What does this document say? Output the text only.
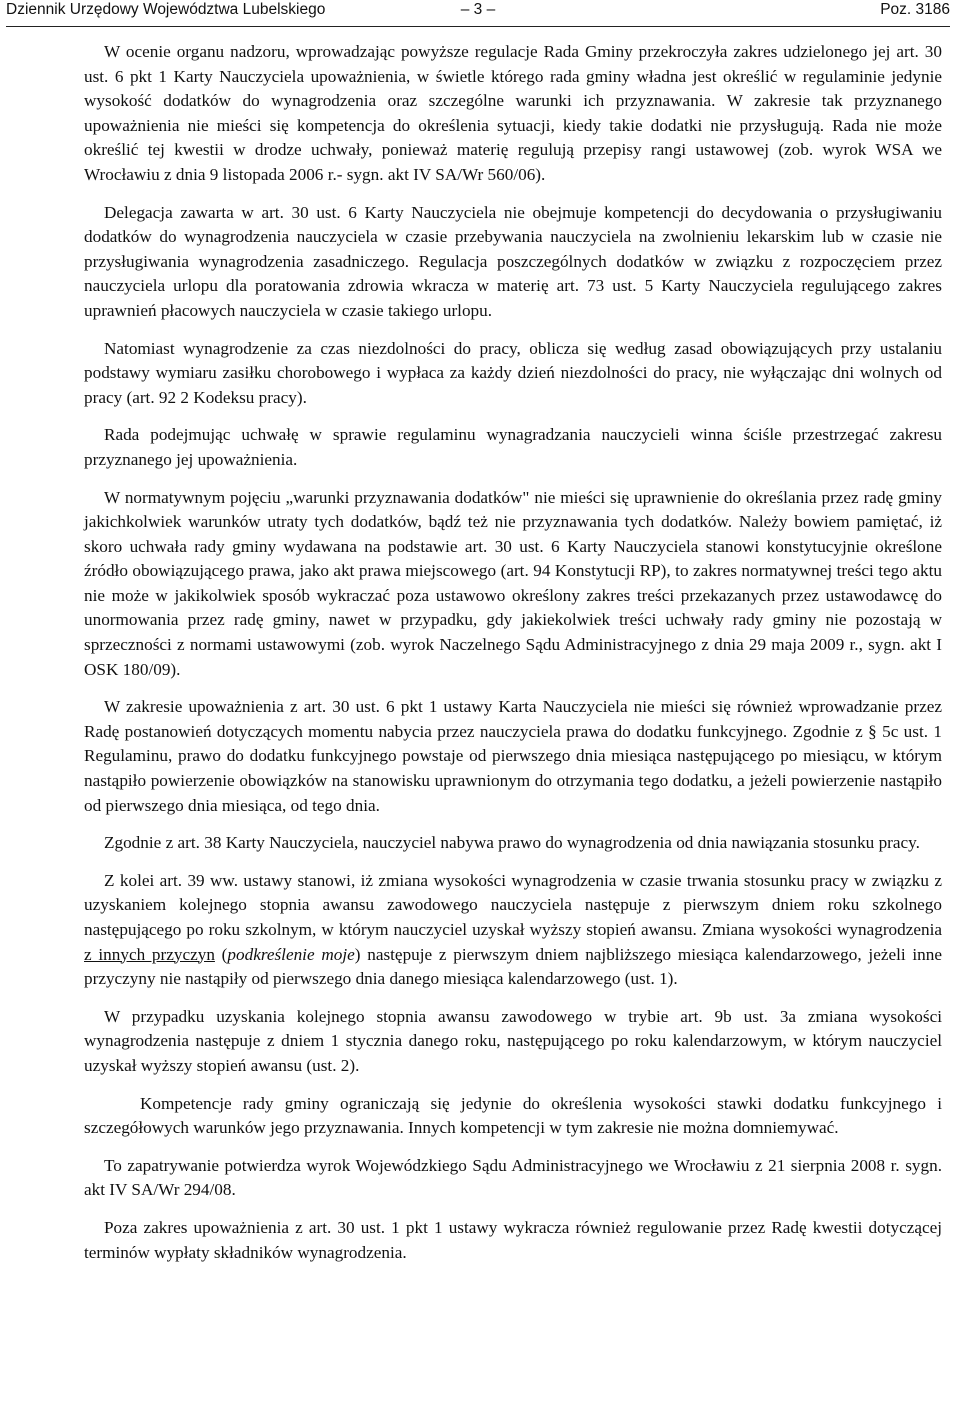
Dziennik Urzędowy Województwa Lubelskiego	– 3 –	Poz. 3186

W ocenie organu nadzoru, wprowadzając powyższe regulacje Rada Gminy przekroczyła zakres udzielonego jej art. 30 ust. 6 pkt 1 Karty Nauczyciela upoważnienia, w świetle którego rada gminy władna jest określić w regulaminie jedynie wysokość dodatków do wynagrodzenia oraz szczególne warunki ich przyznawania. W zakresie tak przyznanego upoważnienia nie mieści się kompetencja do określenia sytuacji, kiedy takie dodatki nie przysługują. Rada nie może określić tej kwestii w drodze uchwały, ponieważ materię regulują przepisy rangi ustawowej (zob. wyrok WSA we Wrocławiu z dnia 9 listopada 2006 r.- sygn. akt IV SA/Wr 560/06).

Delegacja zawarta w art. 30 ust. 6 Karty Nauczyciela nie obejmuje kompetencji do decydowania o przysługiwaniu dodatków do wynagrodzenia nauczyciela w czasie przebywania nauczyciela na zwolnieniu lekarskim lub w czasie nie przysługiwania wynagrodzenia zasadniczego. Regulacja poszczególnych dodatków w związku z rozpoczęciem przez nauczyciela urlopu dla poratowania zdrowia wkracza w materię art. 73 ust. 5 Karty Nauczyciela regulującego zakres uprawnień płacowych nauczyciela w czasie takiego urlopu.

Natomiast wynagrodzenie za czas niezdolności do pracy, oblicza się według zasad obowiązujących przy ustalaniu podstawy wymiaru zasiłku chorobowego i wypłaca za każdy dzień niezdolności do pracy, nie wyłączając dni wolnych od pracy (art. 92 2 Kodeksu pracy).

Rada podejmując uchwałę w sprawie regulaminu wynagradzania nauczycieli winna ściśle przestrzegać zakresu przyznanego jej upoważnienia.

W normatywnym pojęciu „warunki przyznawania dodatków" nie mieści się uprawnienie do określania przez radę gminy jakichkolwiek warunków utraty tych dodatków, bądź też nie przyznawania tych dodatków. Należy bowiem pamiętać, iż skoro uchwała rady gminy wydawana na podstawie art. 30 ust. 6 Karty Nauczyciela stanowi konstytucyjnie określone źródło obowiązującego prawa, jako akt prawa miejscowego (art. 94 Konstytucji RP), to zakres normatywnej treści tego aktu nie może w jakikolwiek sposób wykraczać poza ustawowo określony zakres treści przekazanych przez ustawodawcę do unormowania przez radę gminy, nawet w przypadku, gdy jakiekolwiek treści uchwały rady gminy nie pozostają w sprzeczności z normami ustawowymi (zob. wyrok Naczelnego Sądu Administracyjnego z dnia 29 maja 2009 r., sygn. akt I OSK 180/09).

W zakresie upoważnienia z art. 30 ust. 6 pkt 1 ustawy Karta Nauczyciela nie mieści się również wprowadzanie przez Radę postanowień dotyczących momentu nabycia przez nauczyciela prawa do dodatku funkcyjnego. Zgodnie z § 5c ust. 1 Regulaminu, prawo do dodatku funkcyjnego powstaje od pierwszego dnia miesiąca następującego po miesiącu, w którym nastąpiło powierzenie obowiązków na stanowisku uprawnionym do otrzymania tego dodatku, a jeżeli powierzenie nastąpiło od pierwszego dnia miesiąca, od tego dnia.

Zgodnie z art. 38 Karty Nauczyciela, nauczyciel nabywa prawo do wynagrodzenia od dnia nawiązania stosunku pracy.

Z kolei art. 39 ww. ustawy stanowi, iż zmiana wysokości wynagrodzenia w czasie trwania stosunku pracy w związku z uzyskaniem kolejnego stopnia awansu zawodowego nauczyciela następuje z pierwszym dniem roku szkolnego następującego po roku szkolnym, w którym nauczyciel uzyskał wyższy stopień awansu. Zmiana wysokości wynagrodzenia z innych przyczyn (podkreślenie moje) następuje z pierwszym dniem najbliższego miesiąca kalendarzowego, jeżeli inne przyczyny nie nastąpiły od pierwszego dnia danego miesiąca kalendarzowego (ust. 1).

W przypadku uzyskania kolejnego stopnia awansu zawodowego w trybie art. 9b ust. 3a zmiana wysokości wynagrodzenia następuje z dniem 1 stycznia danego roku, następującego po roku kalendarzowym, w którym nauczyciel uzyskał wyższy stopień awansu (ust. 2).

Kompetencje rady gminy ograniczają się jedynie do określenia wysokości stawki dodatku funkcyjnego i szczegółowych warunków jego przyznawania. Innych kompetencji w tym zakresie nie można domniemywać.

To zapatrywanie potwierdza wyrok Wojewódzkiego Sądu Administracyjnego we Wrocławiu z 21 sierpnia 2008 r. sygn. akt IV SA/Wr 294/08.

Poza zakres upoważnienia z art. 30 ust. 1 pkt 1 ustawy wykracza również regulowanie przez Radę kwestii dotyczącej terminów wypłaty składników wynagrodzenia.
